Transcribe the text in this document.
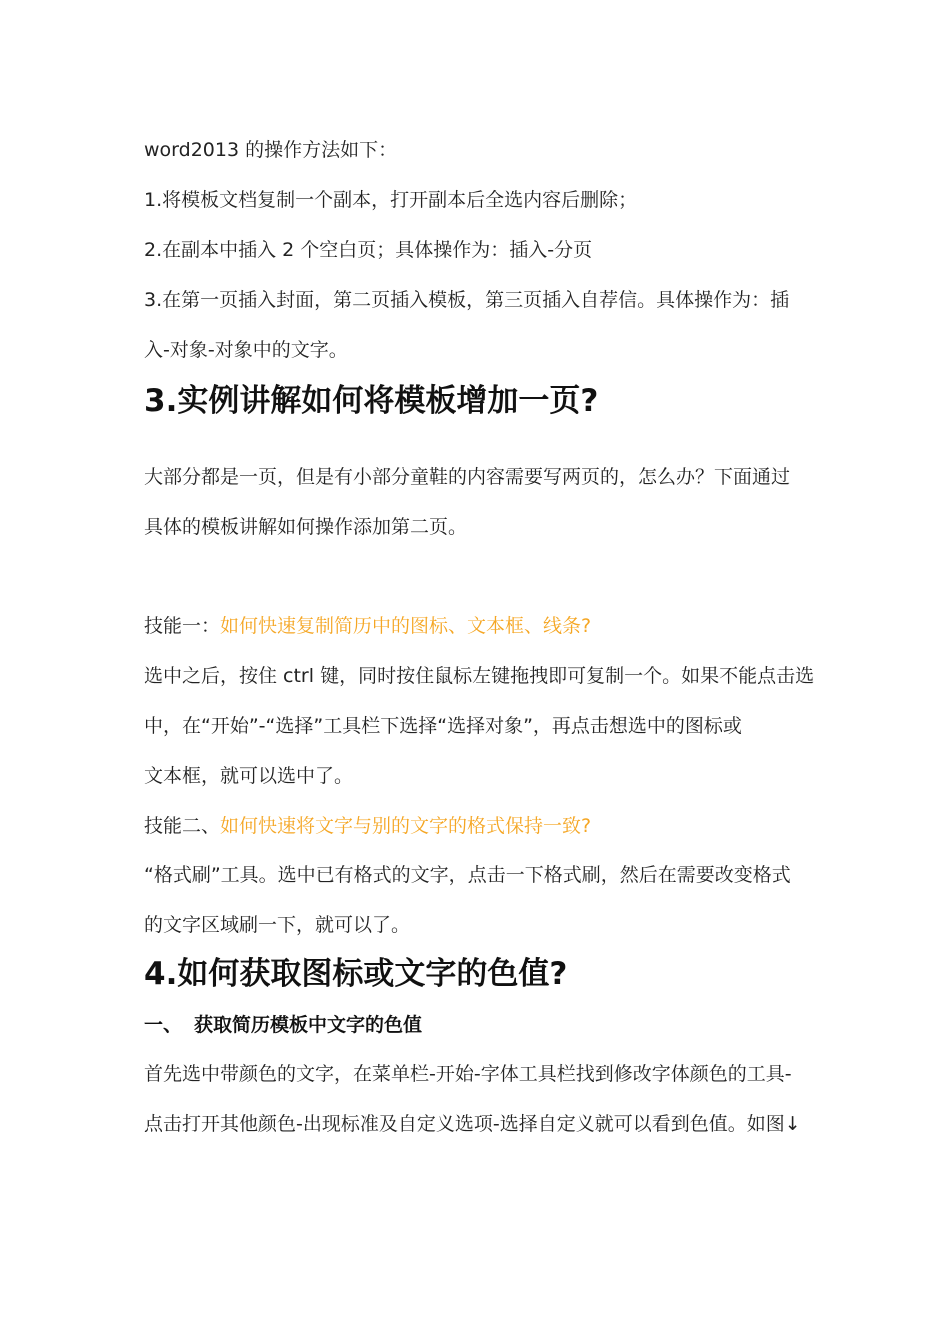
word2013 的操作方法如下：
1.将模板文档复制一个副本，打开副本后全选内容后删除；
2.在副本中插入 2 个空白页；具体操作为：插入-分页
3.在第一页插入封面，第二页插入模板，第三页插入自荐信。具体操作为：插
入-对象-对象中的文字。
3.实例讲解如何将模板增加一页?
大部分都是一页，但是有小部分童鞋的内容需要写两页的，怎么办？下面通过
具体的模板讲解如何操作添加第二页。
技能一：如何快速复制简历中的图标、文本框、线条?
选中之后，按住 ctrl 键，同时按住鼠标左键拖拽即可复制一个。如果不能点击选
中，在“开始”-“选择”工具栏下选择“选择对象”，再点击想选中的图标或
文本框，就可以选中了。
技能二、如何快速将文字与别的文字的格式保持一致?
“格式刷”工具。选中已有格式的文字，点击一下格式刷，然后在需要改变格式
的文字区域刷一下，就可以了。
4.如何获取图标或文字的色值?
一、 获取简历模板中文字的色值
首先选中带颜色的文字，在菜单栏-开始-字体工具栏找到修改字体颜色的工具-
点击打开其他颜色-出现标准及自定义选项-选择自定义就可以看到色值。如图↓
